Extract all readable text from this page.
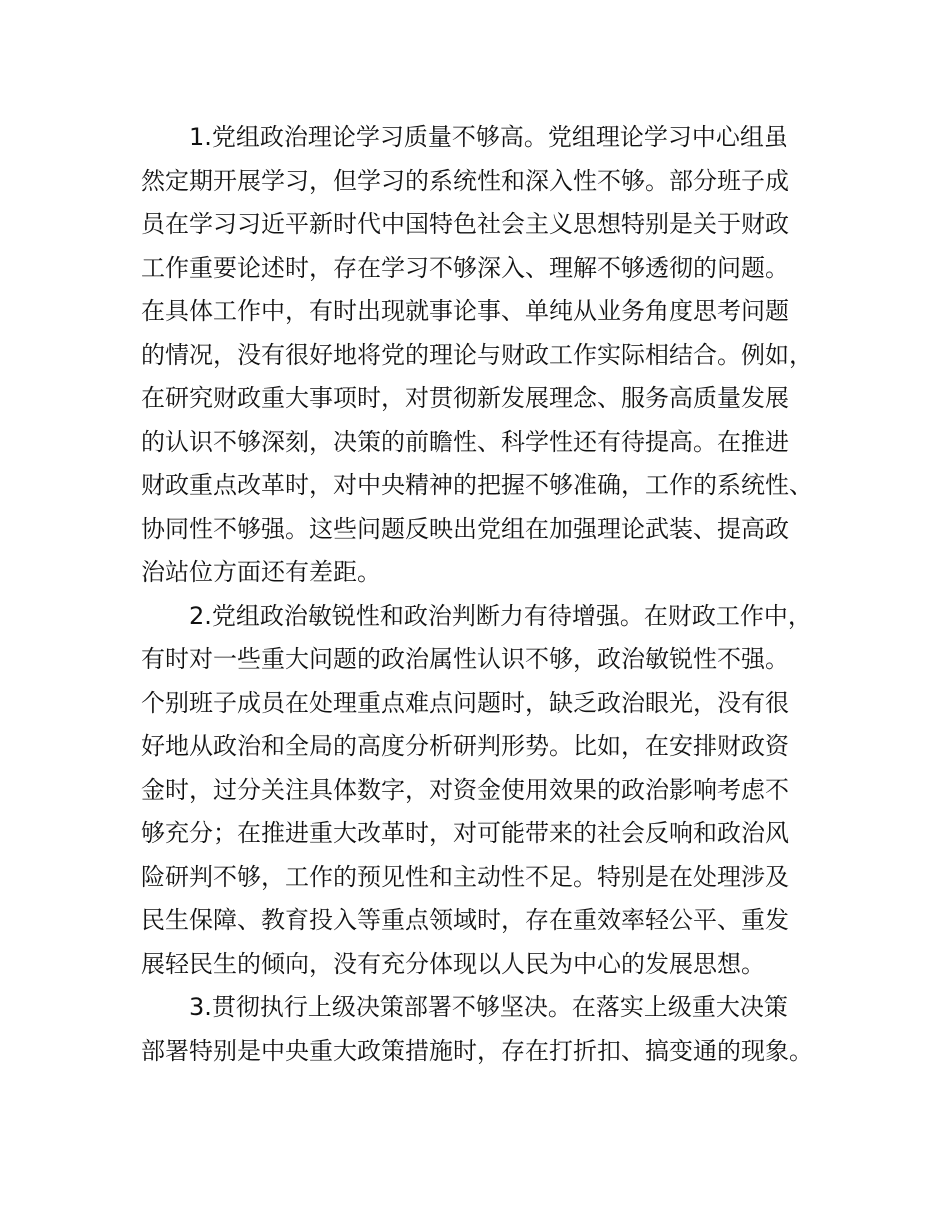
1.党组政治理论学习质量不够高。党组理论学习中心组虽
然定期开展学习，但学习的系统性和深入性不够。部分班子成
员在学习习近平新时代中国特色社会主义思想特别是关于财政
工作重要论述时，存在学习不够深入、理解不够透彻的问题。
在具体工作中，有时出现就事论事、单纯从业务角度思考问题
的情况，没有很好地将党的理论与财政工作实际相结合。例如，
在研究财政重大事项时，对贯彻新发展理念、服务高质量发展
的认识不够深刻，决策的前瞻性、科学性还有待提高。在推进
财政重点改革时，对中央精神的把握不够准确，工作的系统性、
协同性不够强。这些问题反映出党组在加强理论武装、提高政
治站位方面还有差距。
2.党组政治敏锐性和政治判断力有待增强。在财政工作中，
有时对一些重大问题的政治属性认识不够，政治敏锐性不强。
个别班子成员在处理重点难点问题时，缺乏政治眼光，没有很
好地从政治和全局的高度分析研判形势。比如，在安排财政资
金时，过分关注具体数字，对资金使用效果的政治影响考虑不
够充分；在推进重大改革时，对可能带来的社会反响和政治风
险研判不够，工作的预见性和主动性不足。特别是在处理涉及
民生保障、教育投入等重点领域时，存在重效率轻公平、重发
展轻民生的倾向，没有充分体现以人民为中心的发展思想。
3.贯彻执行上级决策部署不够坚决。在落实上级重大决策
部署特别是中央重大政策措施时，存在打折扣、搞变通的现象。
